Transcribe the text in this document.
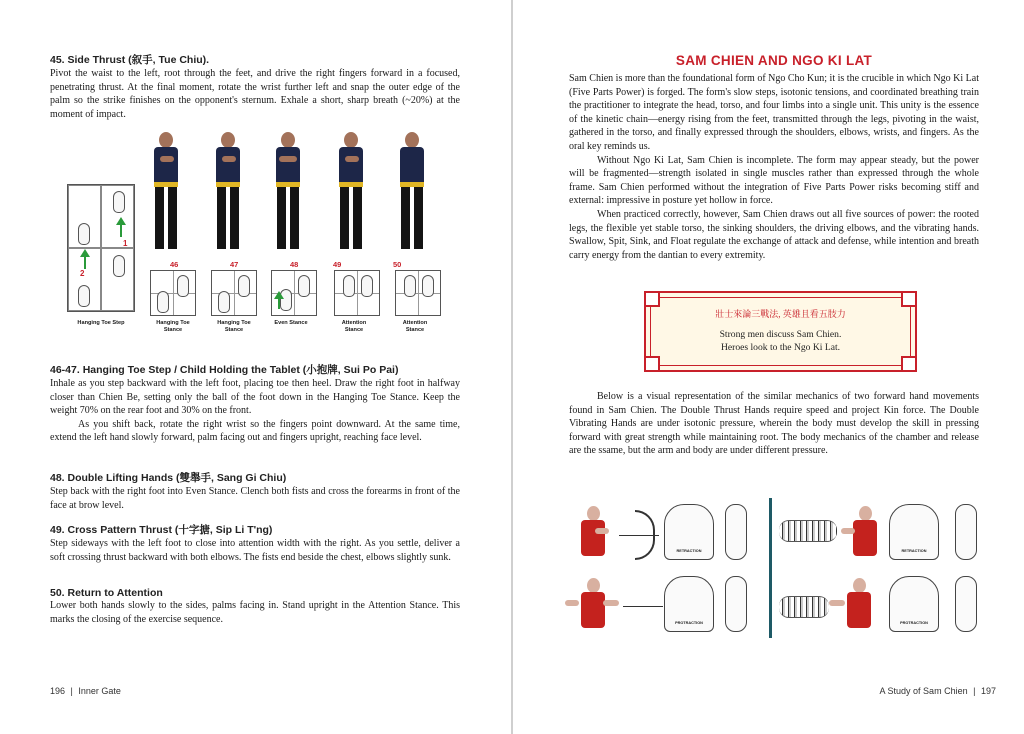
45. Side Thrust (叙手, Tue Chiu).

Pivot the waist to the left, root through the feet, and drive the right fingers forward in a focused, penetrating thrust. At the final moment, rotate the wrist further left and snap the outer edge of the palm so the strike finishes on the opponent's sternum. Exhale a short, sharp breath (~20%) at the moment of impact.

1
2
46	47	48	49	50
Hanging Toe Step	Hanging Toe Stance
Hanging Toe Stance
Even Stance	Attention Stance
Attention Stance
46-47. Hanging Toe Step / Child Holding the Tablet (小抱牌, Sui Po Pai)

Inhale as you step backward with the left foot, placing toe then heel. Draw the right foot in halfway closer than Chien Be, setting only the ball of the foot down in the Hanging Toe Stance. Keep the weight 70% on the rear foot and 30% on the front.

As you shift back, rotate the right wrist so the fingers point downward. At the same time, extend the left hand slowly forward, palm facing out and fingers upright, reaching face level.

48. Double Lifting Hands (雙舉手, Sang Gi Chiu)

Step back with the right foot into Even Stance. Clench both fists and cross the forearms in front of the face at brow level.

49. Cross Pattern Thrust (十字搪, Sip Li T'ng)

Step sideways with the left foot to close into attention width with the right. As you settle, deliver a soft crossing thrust backward with both elbows. The fists end beside the chest, elbows slightly sunk.

50. Return to Attention

Lower both hands slowly to the sides, palms facing in. Stand upright in the Attention Stance. This marks the closing of the exercise sequence.

196 | Inner Gate
SAM CHIEN AND NGO KI LAT

Sam Chien is more than the foundational form of Ngo Cho Kun; it is the crucible in which Ngo Ki Lat (Five Parts Power) is forged. The form's slow steps, isotonic tensions, and coordinated breathing train the practitioner to integrate the head, torso, and four limbs into a single unit. This unity is the essence of the kinetic chain—energy rising from the feet, transmitted through the legs, pivoting in the waist, gathered in the torso, and finally expressed through the shoulders, elbows, wrists, and fingers. As the oral key reminds us.

Without Ngo Ki Lat, Sam Chien is incomplete. The form may appear steady, but the power will be fragmented—strength isolated in single muscles rather than expressed through the whole frame. Sam Chien performed without the integration of Five Parts Power risks becoming stiff and external: impressive in posture yet hollow in force.

When practiced correctly, however, Sam Chien draws out all five sources of power: the rooted legs, the flexible yet stable torso, the sinking shoulders, the driving elbows, and the vibrating hands. Swallow, Spit, Sink, and Float regulate the exchange of attack and defense, while intention and breath carry energy from the dantian to every extremity.

壯士來論三戰法, 英雄且看五肢力
Strong men discuss Sam Chien.
Heroes look to the Ngo Ki Lat.

Below is a visual representation of the similar mechanics of two forward hand movements found in Sam Chien. The Double Thrust Hands require speed and project Kin force. The Double Vibrating Hands are under isotonic pressure, wherein the body must develop the skill in pressing forward with great strength while maintaining root. The body mechanics of the chamber and release are the ssame, but the arm and body are under different pressure.

RETRACTION
PROTRACTION
RETRACTION
PROTRACTION
A Study of Sam Chien | 197
